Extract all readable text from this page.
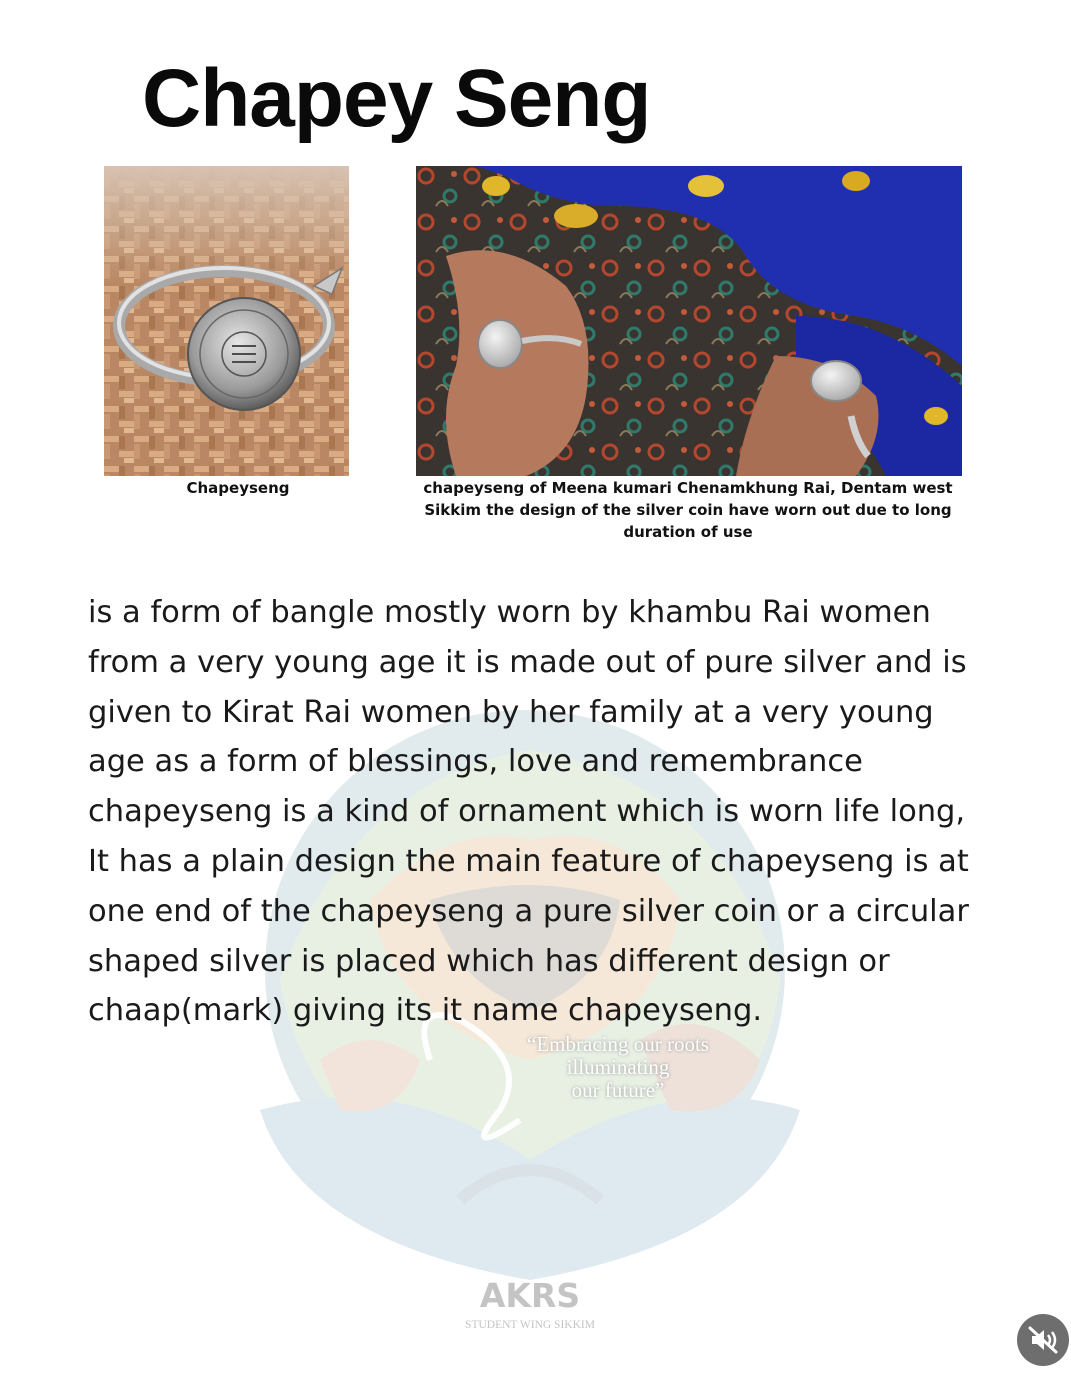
Chapey Seng
Chapeyseng	chapeyseng of Meena kumari Chenamkhung Rai, Dentam west Sikkim the design of the silver coin have worn out due to long duration of use

is a form of bangle mostly worn by khambu Rai women
from a very young age it is made out of pure silver and is
given to Kirat Rai women by her family at a very young
age as a form of blessings, love and remembrance
chapeyseng is a kind of ornament which is worn life long,
It has a plain design the main feature of chapeyseng is at
one end of the chapeyseng a pure silver coin or a circular
shaped silver is placed which has different design or
chaap(mark) giving its it name chapeyseng.

“Embracing our roots
illuminating
our future”
AKRS
STUDENT WING SIKKIM
